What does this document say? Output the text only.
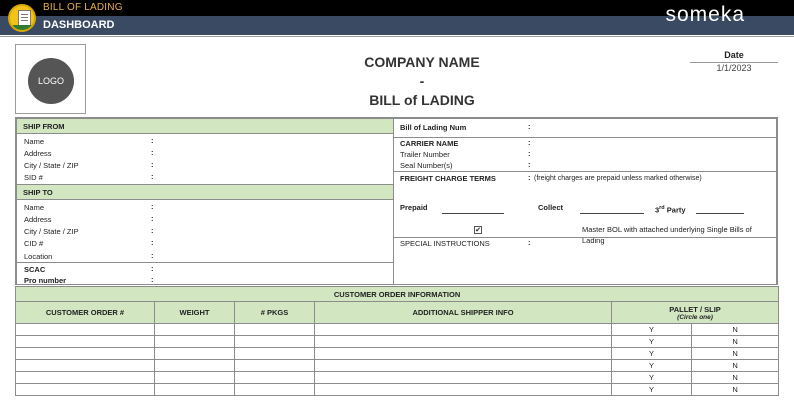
BILL OF LADING
DASHBOARD	someka
LOGO
COMPANY NAME
-
BILL of LADING
Date
1/1/2023
SHIP FROM
Name	:
Address	:
City / State / ZIP	:
SID #	:
SHIP TO
Name	:
Address	:
City / State / ZIP	:
CID #	:
Location	:
SCAC	:
Pro number	:
Bill of Lading Num	:
CARRIER NAME	:
Trailer Number	:
Seal Number(s)	:
FREIGHT CHARGE TERMS	: (freight charges are prepaid unless marked otherwise)
Prepaid	Collect	3rd Party
✔	Master BOL with attached underlying Single Bills of Lading
SPECIAL INSTRUCTIONS	:
CUSTOMER ORDER INFORMATION					
CUSTOMER ORDER #	WEIGHT	# PKGS	ADDITIONAL SHIPPER INFO	PALLET / SLIP
(Circle one)	

				Y	N
				Y	N
				Y	N
				Y	N
				Y	N
				Y	N
